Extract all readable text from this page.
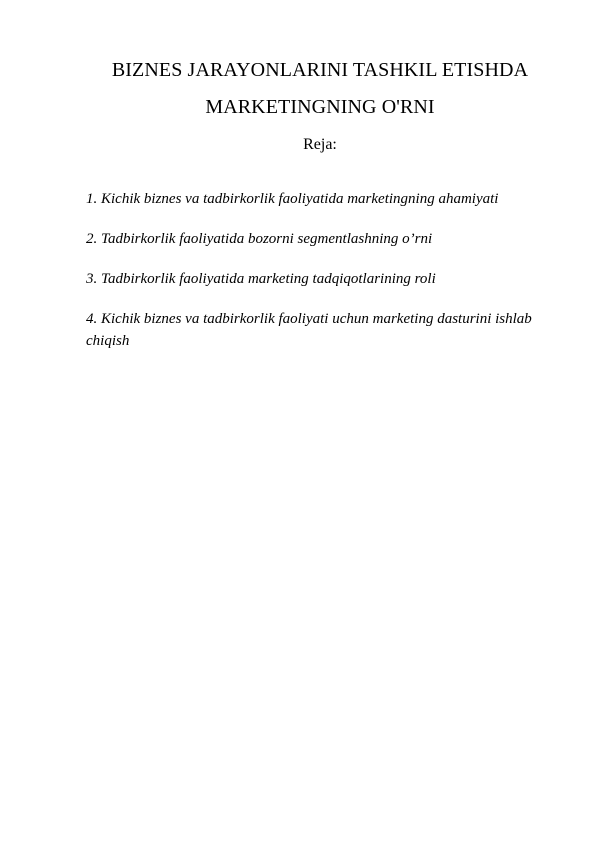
BIZNES JARAYONLARINI TASHKIL ETISHDA
MARKETINGNING O'RNI

Reja:

1. Kichik biznes va tadbirkorlik faoliyatida marketingning ahamiyati
2. Tadbirkorlik faoliyatida bozorni segmentlashning o’rni
3. Tadbirkorlik faoliyatida marketing tadqiqotlarining roli
4. Kichik biznes va tadbirkorlik faoliyati uchun marketing dasturini ishlab
chiqish
